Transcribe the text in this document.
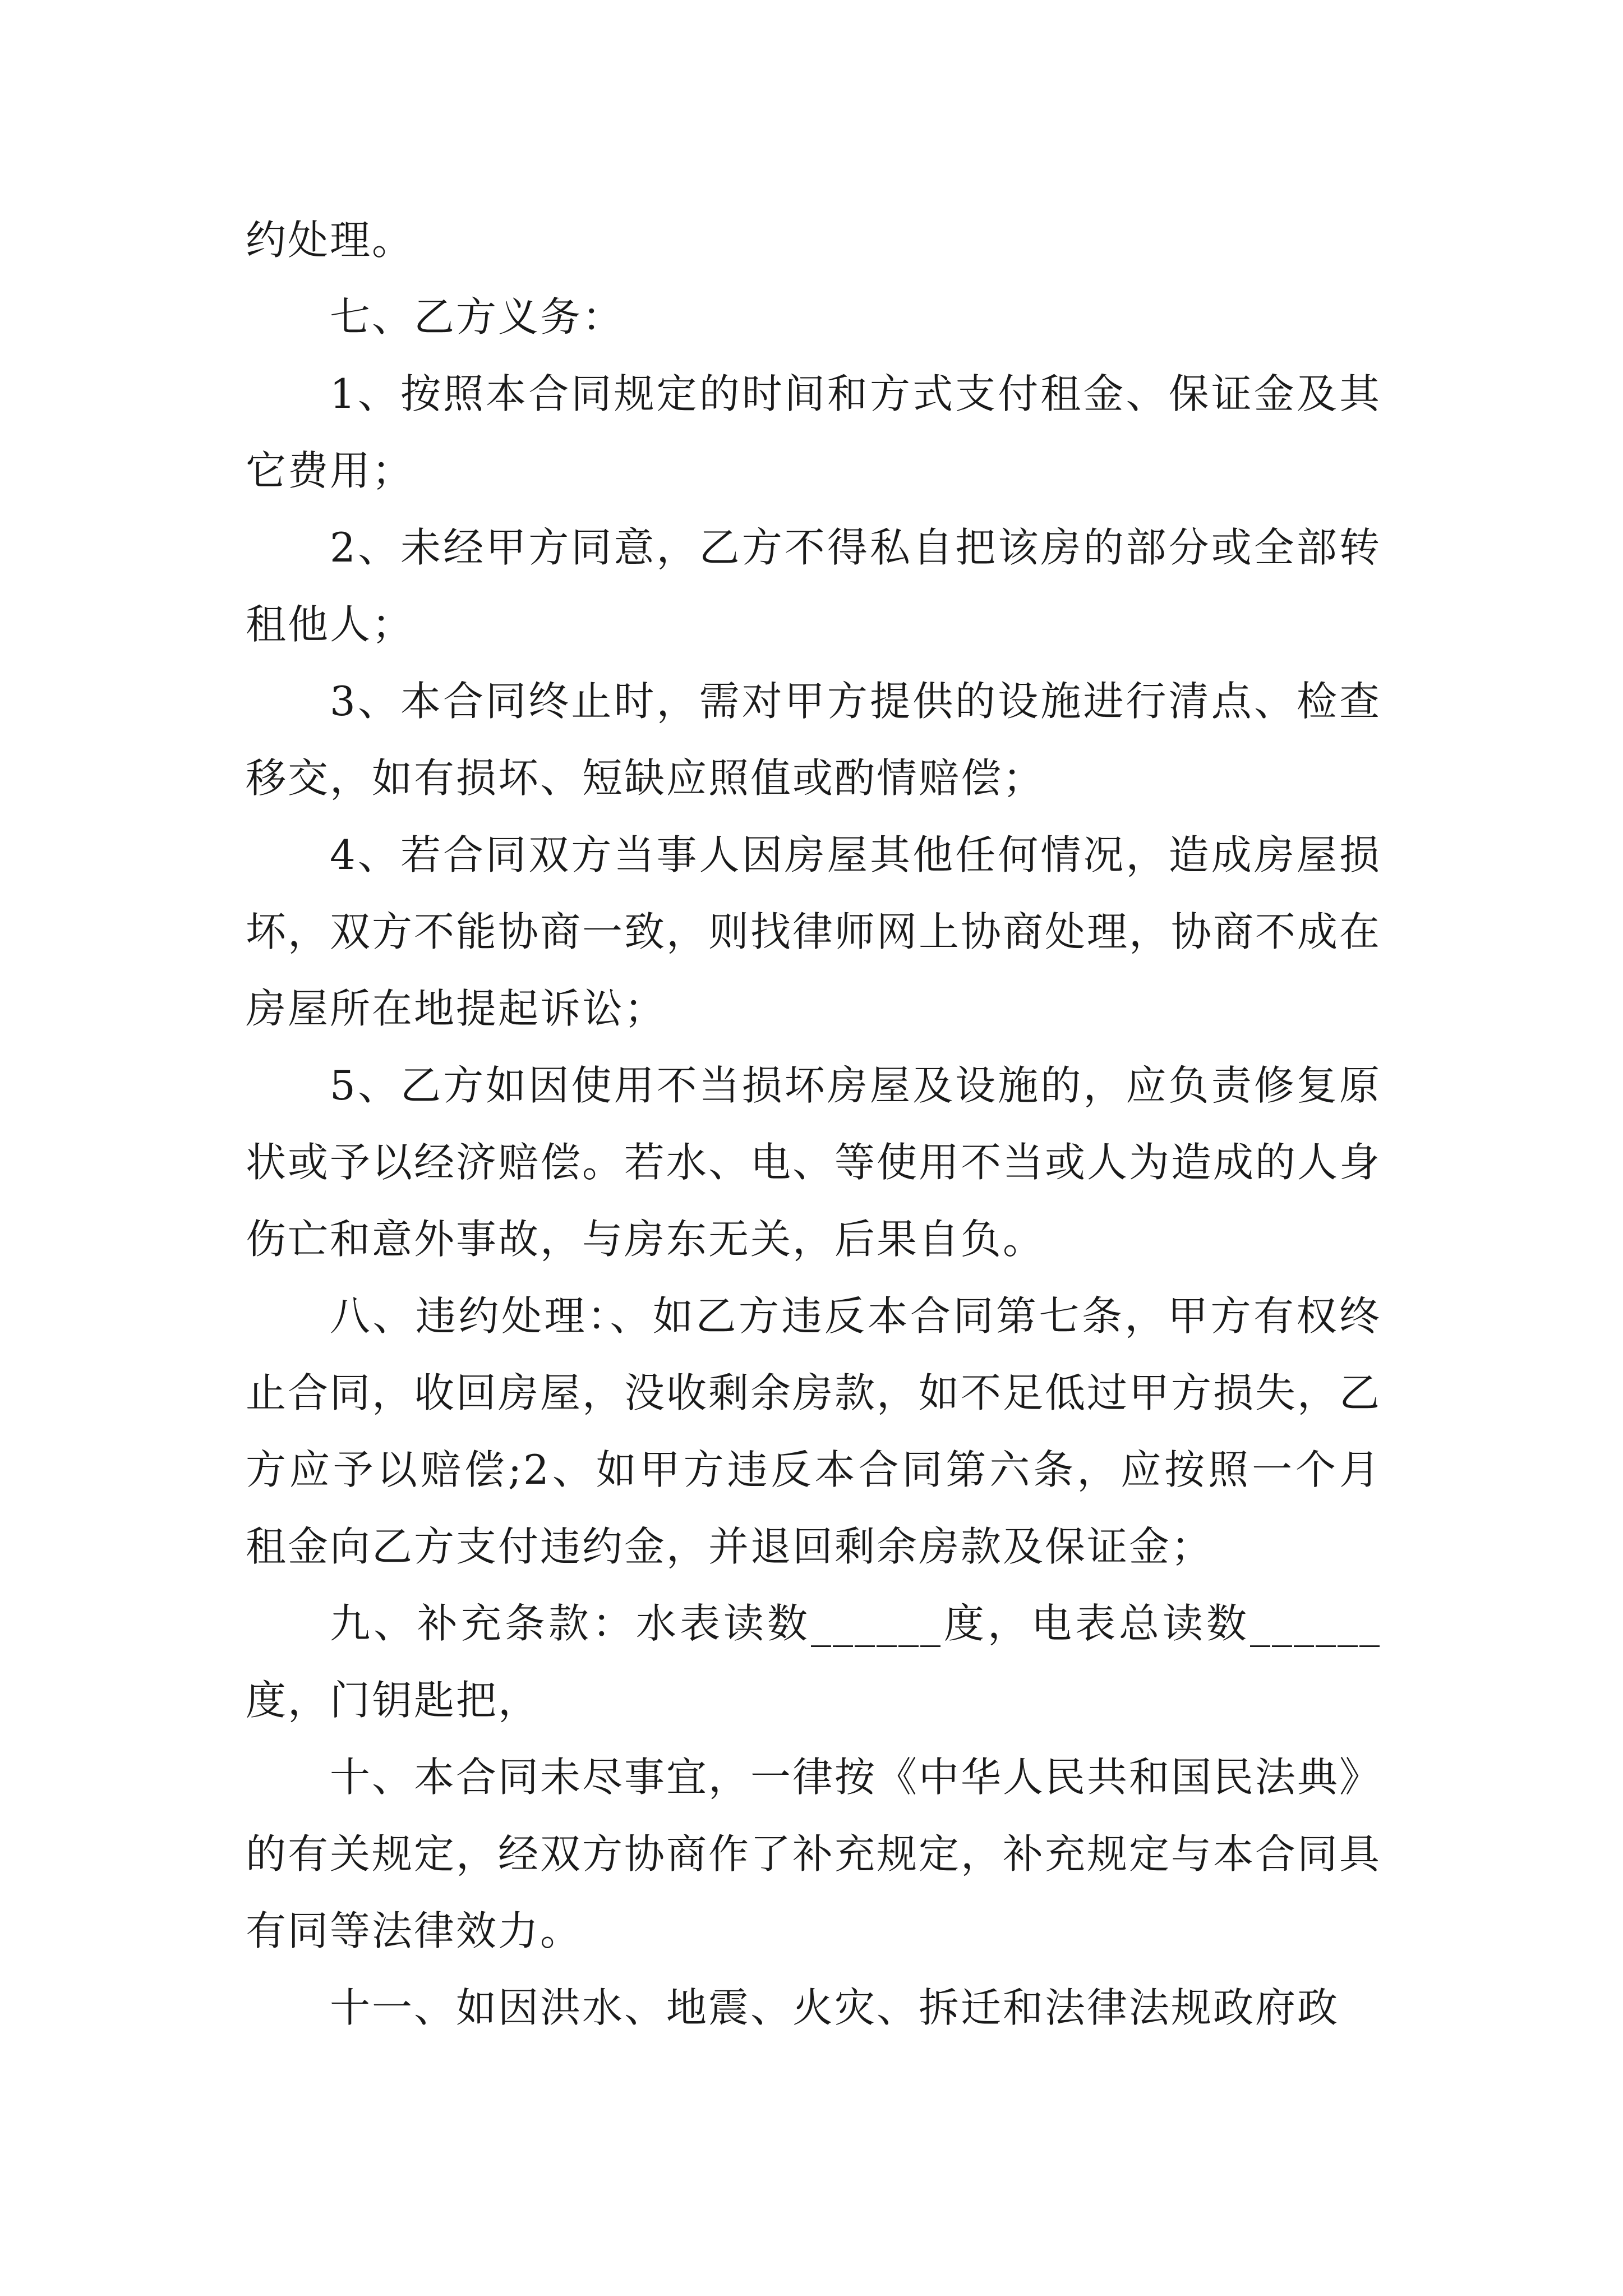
约处理。

七、乙方义务：

1、按照本合同规定的时间和方式支付租金、保证金及其它费用；

2、未经甲方同意，乙方不得私自把该房的部分或全部转租他人；

3、本合同终止时，需对甲方提供的设施进行清点、检查移交，如有损坏、短缺应照值或酌情赔偿；

4、若合同双方当事人因房屋其他任何情况，造成房屋损坏，双方不能协商一致，则找律师网上协商处理，协商不成在房屋所在地提起诉讼；

5、乙方如因使用不当损坏房屋及设施的，应负责修复原状或予以经济赔偿。若水、电、等使用不当或人为造成的人身伤亡和意外事故，与房东无关，后果自负。

八、违约处理：、如乙方违反本合同第七条，甲方有权终止合同，收回房屋，没收剩余房款，如不足低过甲方损失，乙方应予以赔偿;2、如甲方违反本合同第六条，应按照一个月租金向乙方支付违约金，并退回剩余房款及保证金；

九、补充条款：水表读数______度，电表总读数______度，门钥匙把，

十、本合同未尽事宜，一律按《中华人民共和国民法典》的有关规定，经双方协商作了补充规定，补充规定与本合同具有同等法律效力。

十一、如因洪水、地震、火灾、拆迁和法律法规政府政
